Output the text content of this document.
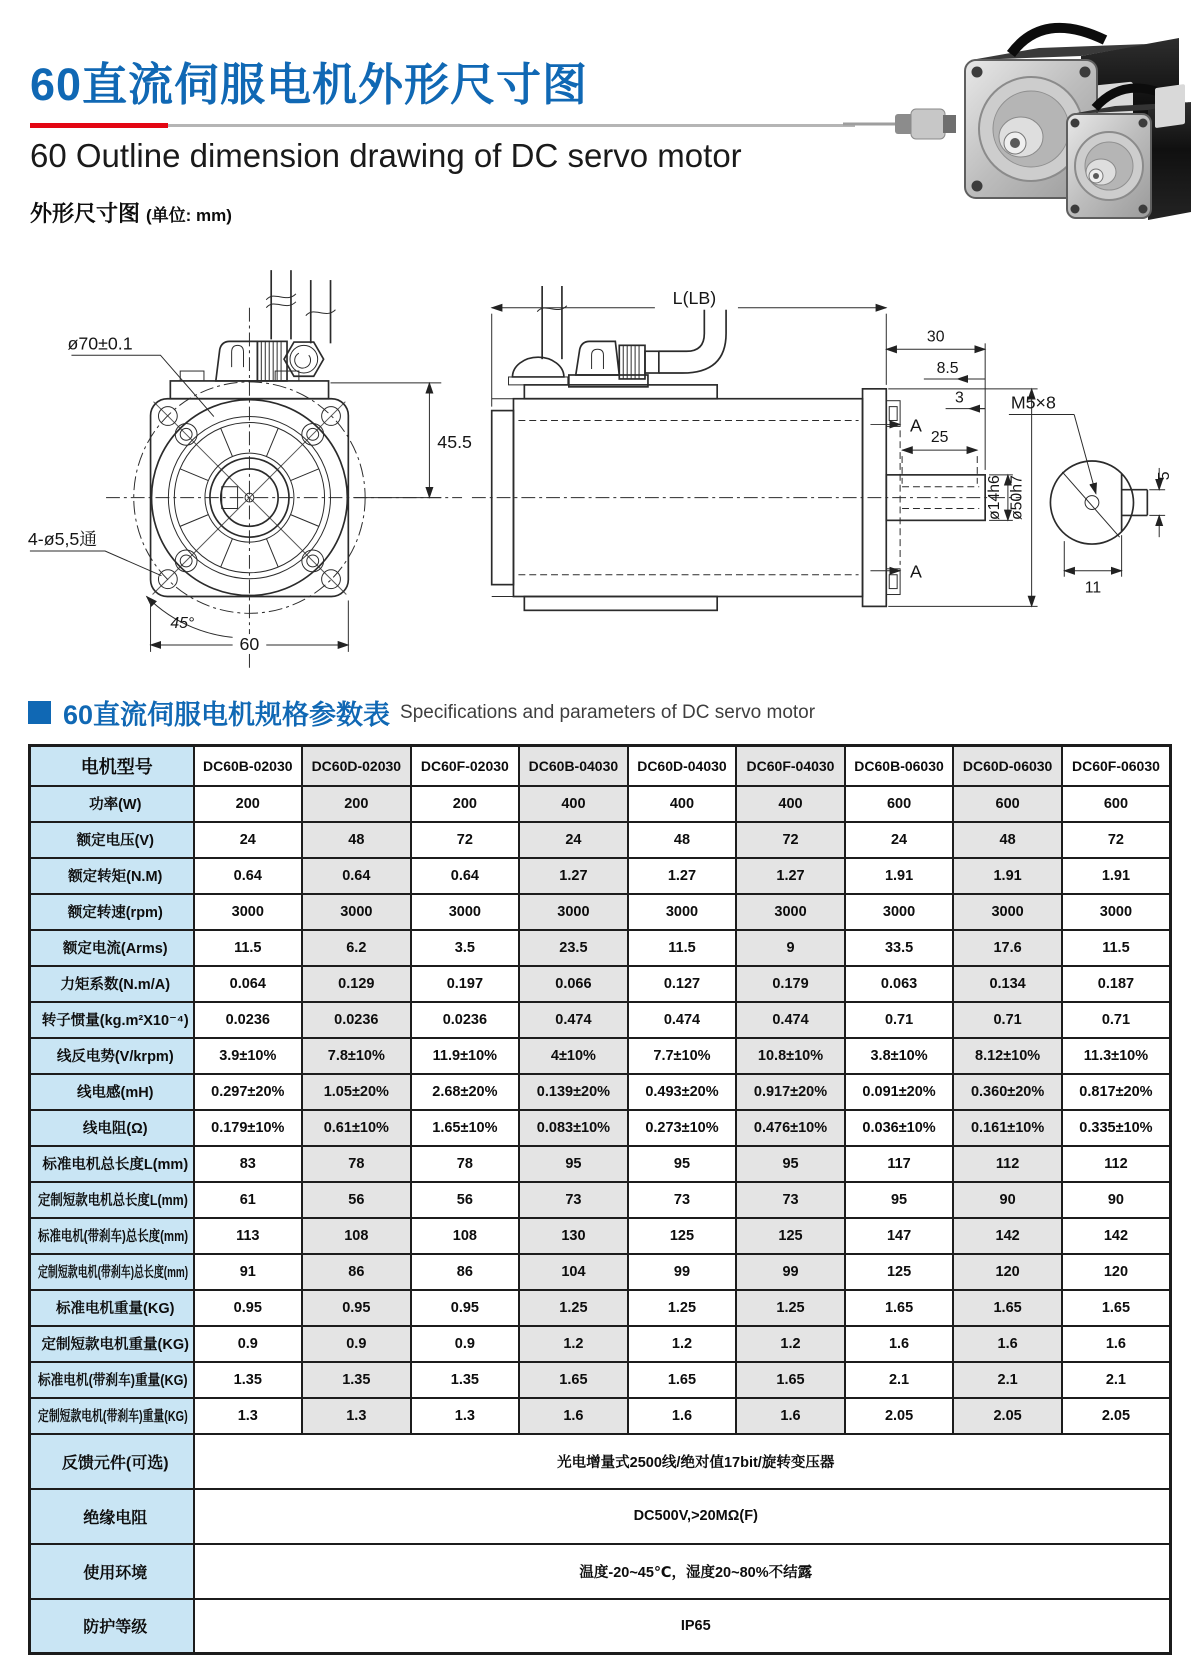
60直流伺服电机外形尺寸图
60 Outline dimension drawing of DC servo motor
外形尺寸图 (单位: mm)
ø70±0.1
45.5
4-ø5,5通
45°
60
L(LB)
30
8.5
3
25
A
A
ø14h6 ø50h7
M5×8
5
11
60直流伺服电机规格参数表 Specifications and parameters of DC servo motor
电机型号	DC60B-02030	DC60D-02030	DC60F-02030	DC60B-04030	DC60D-04030	DC60F-04030	DC60B-06030	DC60D-06030	DC60F-06030
功率(W)	200	200	200	400	400	400	600	600	600
额定电压(V)	24	48	72	24	48	72	24	48	72
额定转矩(N.M)	0.64	0.64	0.64	1.27	1.27	1.27	1.91	1.91	1.91
额定转速(rpm)	3000	3000	3000	3000	3000	3000	3000	3000	3000
额定电流(Arms)	11.5	6.2	3.5	23.5	11.5	9	33.5	17.6	11.5
力矩系数(N.m/A)	0.064	0.129	0.197	0.066	0.127	0.179	0.063	0.134	0.187
转子惯量(kg.m²X10⁻⁴)	0.0236	0.0236	0.0236	0.474	0.474	0.474	0.71	0.71	0.71
线反电势(V/krpm)	3.9±10%	7.8±10%	11.9±10%	4±10%	7.7±10%	10.8±10%	3.8±10%	8.12±10%	11.3±10%
线电感(mH)	0.297±20%	1.05±20%	2.68±20%	0.139±20%	0.493±20%	0.917±20%	0.091±20%	0.360±20%	0.817±20%
线电阻(Ω)	0.179±10%	0.61±10%	1.65±10%	0.083±10%	0.273±10%	0.476±10%	0.036±10%	0.161±10%	0.335±10%
标准电机总长度L(mm)	83	78	78	95	95	95	117	112	112
定制短款电机总长度L(mm)	61	56	56	73	73	73	95	90	90
标准电机(带刹车)总长度(mm)	113	108	108	130	125	125	147	142	142
定制短款电机(带刹车)总长度(mm)	91	86	86	104	99	99	125	120	120
标准电机重量(KG)	0.95	0.95	0.95	1.25	1.25	1.25	1.65	1.65	1.65
定制短款电机重量(KG)	0.9	0.9	0.9	1.2	1.2	1.2	1.6	1.6	1.6
标准电机(带刹车)重量(KG)	1.35	1.35	1.35	1.65	1.65	1.65	2.1	2.1	2.1
定制短款电机(带刹车)重量(KG)	1.3	1.3	1.3	1.6	1.6	1.6	2.05	2.05	2.05
反馈元件(可选)	光电增量式2500线/绝对值17bit/旋转变压器								
绝缘电阻	DC500V,>20MΩ(F)								
使用环境	温度-20~45℃，湿度20~80%不结露								
防护等级	IP65								
